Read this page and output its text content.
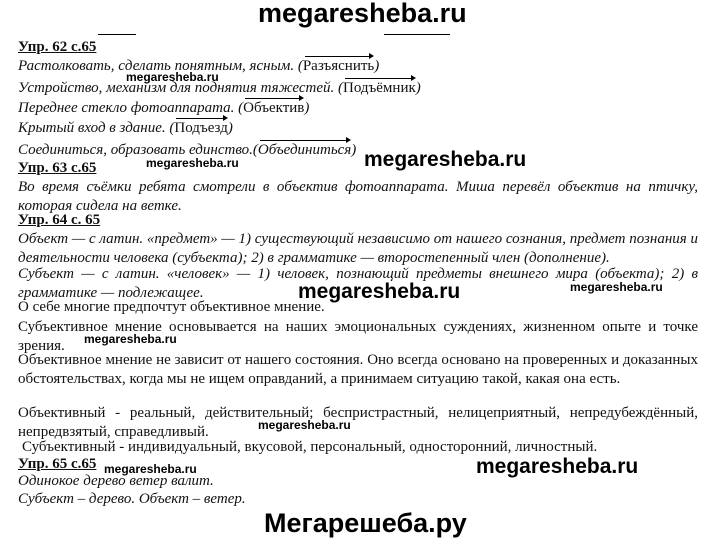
megaresheba.ru
Упр. 62 с.65
Растолковать, сделать понятным, ясным. (Разъяснить)
megaresheba.ru
Устройство, механизм для поднятия тяжестей. (Подъёмник)
Переднее стекло фотоаппарата. (Объектив)
Крытый вход в здание. (Подъезд)
Соединиться, образовать единство.(Объединиться)
megaresheba.ru	megaresheba.ru
Упр. 63 с.65
Во время съёмки ребята смотрели в объектив фотоаппарата. Миша перевёл объектив на птичку, которая сидела на ветке.
Упр. 64 с. 65
Объект — с латин. «предмет» — 1) существующий независимо от нашего сознания, предмет познания и деятельности человека (субъекта); 2) в грамматике — второстепенный член (дополнение).
Субъект — с латин. «человек» — 1) человек, познающий предметы внешнего мира (объекта); 2) в грамматике — подлежащее.	megaresheba.ru	megaresheba.ru
О себе многие предпочтут объективное мнение.
Субъективное мнение основывается на наших эмоциональных суждениях, жизненном опыте и точке зрения.	megaresheba.ru
Объективное мнение не зависит от нашего состояния. Оно всегда основано на проверенных и доказанных обстоятельствах, когда мы не ищем оправданий, а принимаем ситуацию такой, какая она есть.
Объективный - реальный, действительный; беспристрастный, нелицеприятный, непредубеждённый, непредвзятый, справедливый.	megaresheba.ru
Субъективный - индивидуальный, вкусовой, персональный, односторонний, личностный.
Упр. 65 с.65 megaresheba.ru	megaresheba.ru
Одинокое дерево ветер валит.
Субъект – дерево. Объект – ветер.
Мегарешеба.ру
